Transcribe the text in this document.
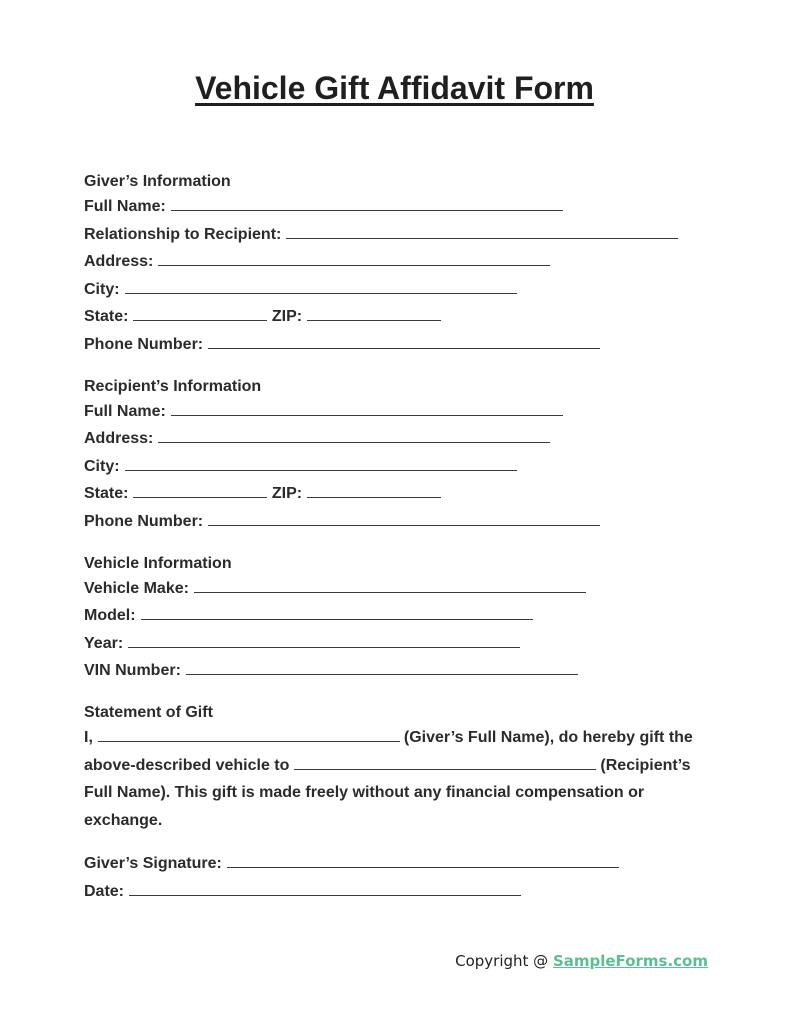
Vehicle Gift Affidavit Form
Giver’s Information
Full Name:
Relationship to Recipient:
Address:
City:
State:	ZIP:
Phone Number:
Recipient’s Information
Full Name:
Address:
City:
State:	ZIP:
Phone Number:
Vehicle Information
Vehicle Make:
Model:
Year:
VIN Number:
Statement of Gift

I,	(Giver’s Full Name), do hereby gift the above-described vehicle to	(Recipient’s Full Name). This gift is made freely without any financial compensation or exchange.

Giver’s Signature:
Date:
Copyright @ SampleForms.com
